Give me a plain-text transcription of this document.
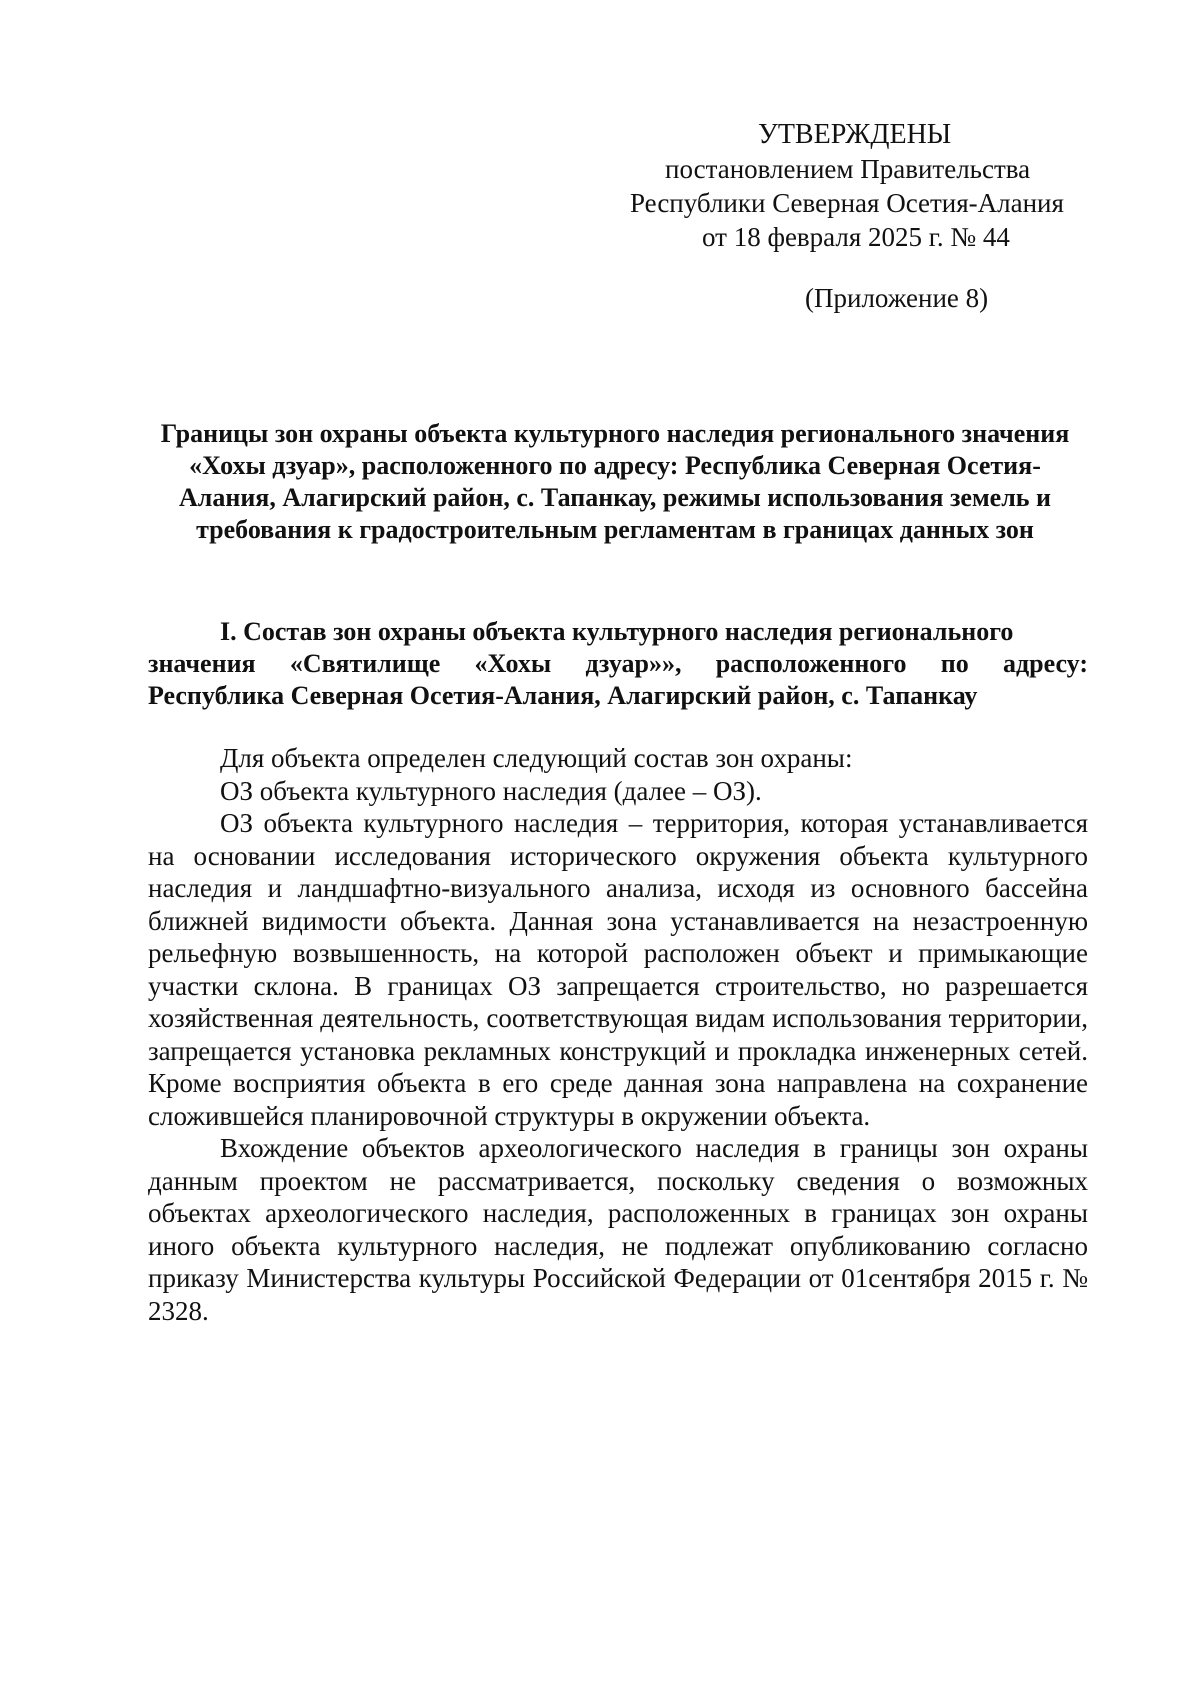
УТВЕРЖДЕНЫ
постановлением Правительства
Республики Северная Осетия-Алания
от 18 февраля 2025 г. № 44
(Приложение 8)
Границы зон охраны объекта культурного наследия регионального значения «Хохы дзуар», расположенного по адресу: Республика Северная Осетия-Алания, Алагирский район, с. Тапанкау, режимы использования земель и требования к градостроительным регламентам в границах данных зон
I. Состав зон охраны объекта культурного наследия регионального
значения «Святилище «Хохы дзуар»», расположенного по адресу:
Республика Северная Осетия-Алания, Алагирский район, с. Тапанкау

Для объекта определен следующий состав зон охраны:

ОЗ объекта культурного наследия (далее – ОЗ).

ОЗ объекта культурного наследия – территория, которая устанавливается на основании исследования исторического окружения объекта культурного наследия и ландшафтно-визуального анализа, исходя из основного бассейна ближней видимости объекта. Данная зона устанавливается на незастроенную рельефную возвышенность, на которой расположен объект и примыкающие участки склона. В границах ОЗ запрещается строительство, но разрешается хозяйственная деятельность, соответствующая видам использования территории, запрещается установка рекламных конструкций и прокладка инженерных сетей. Кроме восприятия объекта в его среде данная зона направлена на сохранение сложившейся планировочной структуры в окружении объекта.

Вхождение объектов археологического наследия в границы зон охраны данным проектом не рассматривается, поскольку сведения о возможных объектах археологического наследия, расположенных в границах зон охраны иного объекта культурного наследия, не подлежат опубликованию согласно приказу Министерства культуры Российской Федерации от 01сентября 2015 г. № 2328.
